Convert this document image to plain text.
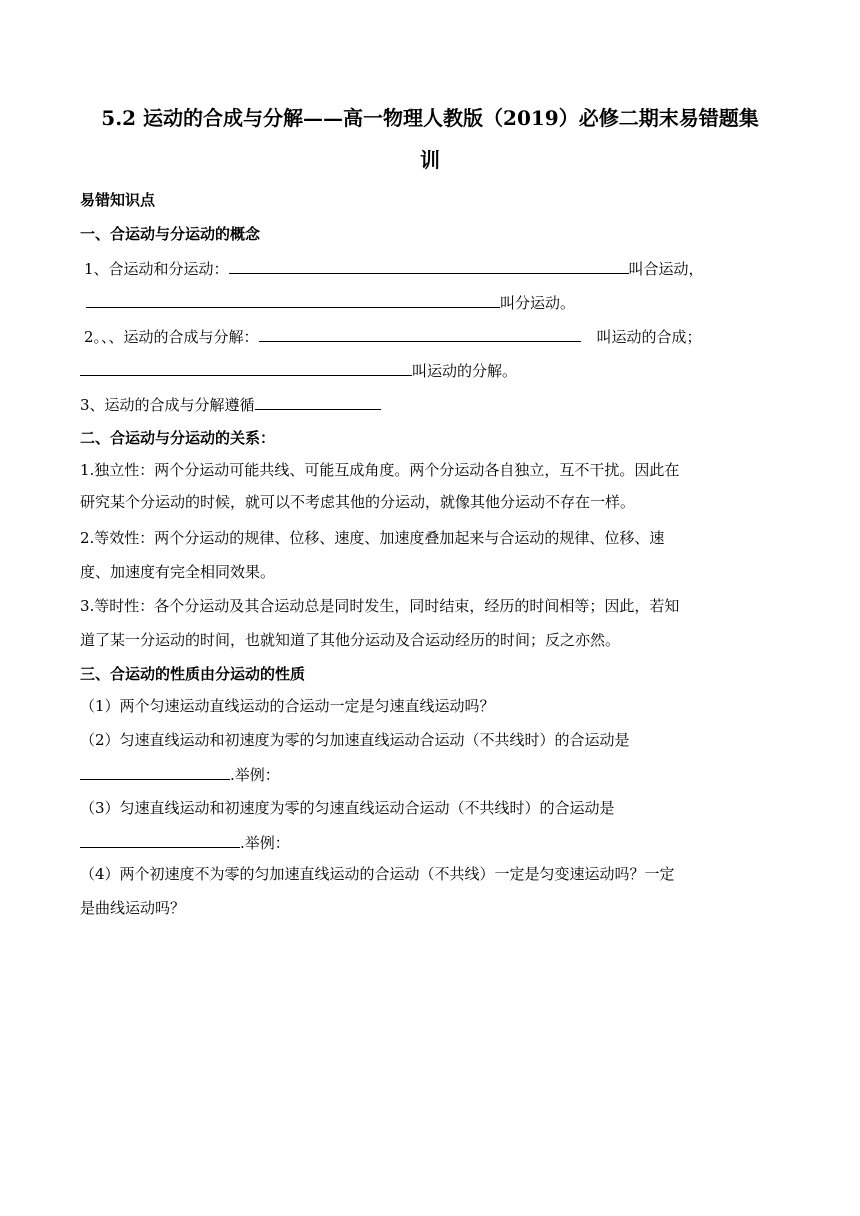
5.2 运动的合成与分解——高一物理人教版（2019）必修二期末易错题集
训
易错知识点
一、合运动与分运动的概念
1、合运动和分运动：	叫合运动，
叫分运动。
2。、、运动的合成与分解：	叫运动的合成；
叫运动的分解。
3、运动的合成与分解遵循
二、合运动与分运动的关系：
1.独立性：两个分运动可能共线、可能互成角度。两个分运动各自独立，互不干扰。因此在
研究某个分运动的时候，就可以不考虑其他的分运动，就像其他分运动不存在一样。
2.等效性：两个分运动的规律、位移、速度、加速度叠加起来与合运动的规律、位移、速
度、加速度有完全相同效果。
3.等时性：各个分运动及其合运动总是同时发生，同时结束，经历的时间相等；因此，若知
道了某一分运动的时间，也就知道了其他分运动及合运动经历的时间；反之亦然。
三、合运动的性质由分运动的性质
（1）两个匀速运动直线运动的合运动一定是匀速直线运动吗？
（2）匀速直线运动和初速度为零的匀加速直线运动合运动（不共线时）的合运动是
.举例：
（3）匀速直线运动和初速度为零的匀速直线运动合运动（不共线时）的合运动是
.举例：
（4）两个初速度不为零的匀加速直线运动的合运动（不共线）一定是匀变速运动吗？一定
是曲线运动吗？
